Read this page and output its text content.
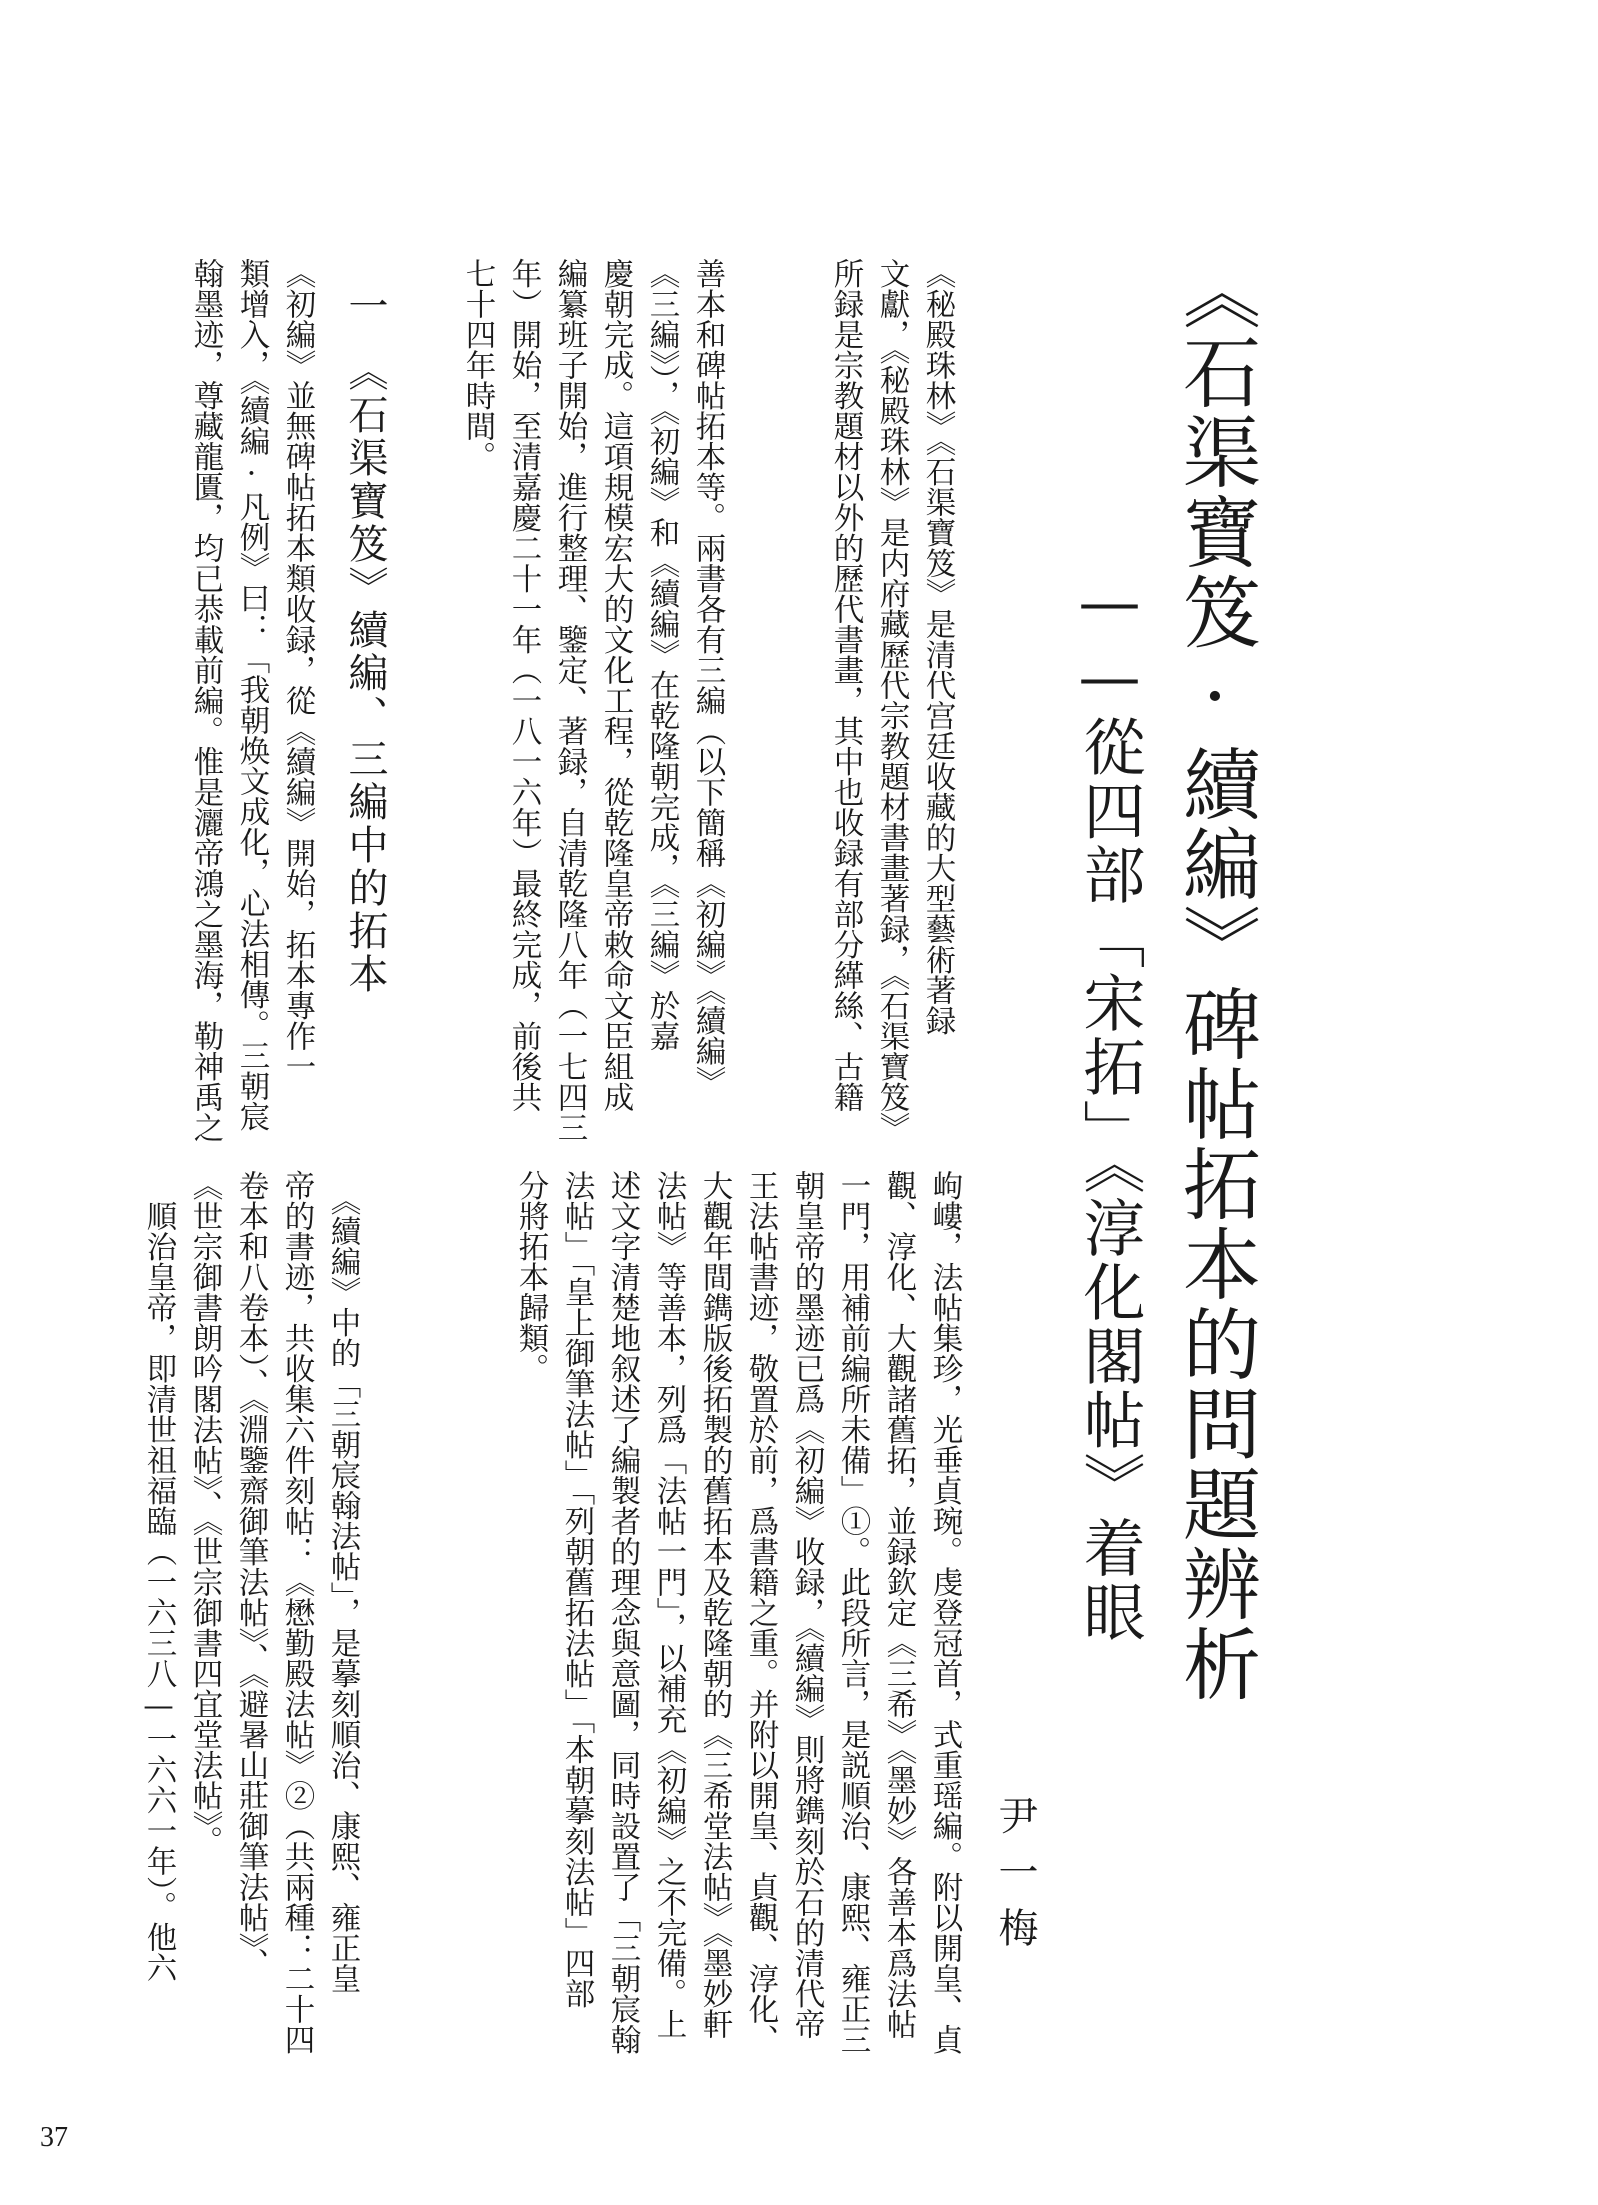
《石渠寶笈·續編》碑帖拓本的問題辨析
——從四部「宋拓」《淳化閣帖》着眼
尹一梅
《秘殿珠林》《石渠寶笈》是清代宫廷收藏的大型藝術著録
文獻，《秘殿珠林》是内府藏歷代宗教題材書畫著録，《石渠寶笈》
所録是宗教題材以外的歷代書畫，其中也收録有部分緙絲、古籍
善本和碑帖拓本等。兩書各有三編（以下簡稱《初編》《續編》
《三編》），《初編》和《續編》在乾隆朝完成，《三編》於嘉
慶朝完成。這項規模宏大的文化工程，從乾隆皇帝敕命文臣組成
編纂班子開始，進行整理、鑒定、著録，自清乾隆八年（一七四三
年）開始，至清嘉慶二十一年（一八一六年）最終完成，前後共
七十四年時間。
一　《石渠寶笈》續編、三編中的拓本
《初編》並無碑帖拓本類收録，從《續編》開始，拓本專作一
類增入，《續編·凡例》曰：「我朝焕文成化，心法相傳。三朝宸
翰墨迹，尊藏龍匱，均已恭載前編。惟是灑帝鴻之墨海，勒神禹之
岣嶁，法帖集珍，光垂貞琬。虔登冠首，式重瑶編。附以開皇、貞
觀、淳化、大觀諸舊拓，並録欽定《三希》《墨妙》各善本爲法帖
一門，用補前編所未備」①。此段所言，是説順治、康熙、雍正三
朝皇帝的墨迹已爲《初編》收録，《續編》則將鐫刻於石的清代帝
王法帖書迹，敬置於前，爲書籍之重。并附以開皇、貞觀、淳化、
大觀年間鐫版後拓製的舊拓本及乾隆朝的《三希堂法帖》《墨妙軒
法帖》等善本，列爲「法帖一門」，以補充《初編》之不完備。上
述文字清楚地叙述了編製者的理念與意圖，同時設置了「三朝宸翰
法帖」「皇上御筆法帖」「列朝舊拓法帖」「本朝摹刻法帖」四部
分將拓本歸類。
　《續編》中的「三朝宸翰法帖」，是摹刻順治、康熙、雍正皇
帝的書迹，共收集六件刻帖：《懋勤殿法帖》②（共兩種：二十四
卷本和八卷本）、《淵鑒齋御筆法帖》、《避暑山莊御筆法帖》、
《世宗御書朗吟閣法帖》、《世宗御書四宜堂法帖》。
　順治皇帝，即清世祖福臨（一六三八—一六六一年）。他六
37
